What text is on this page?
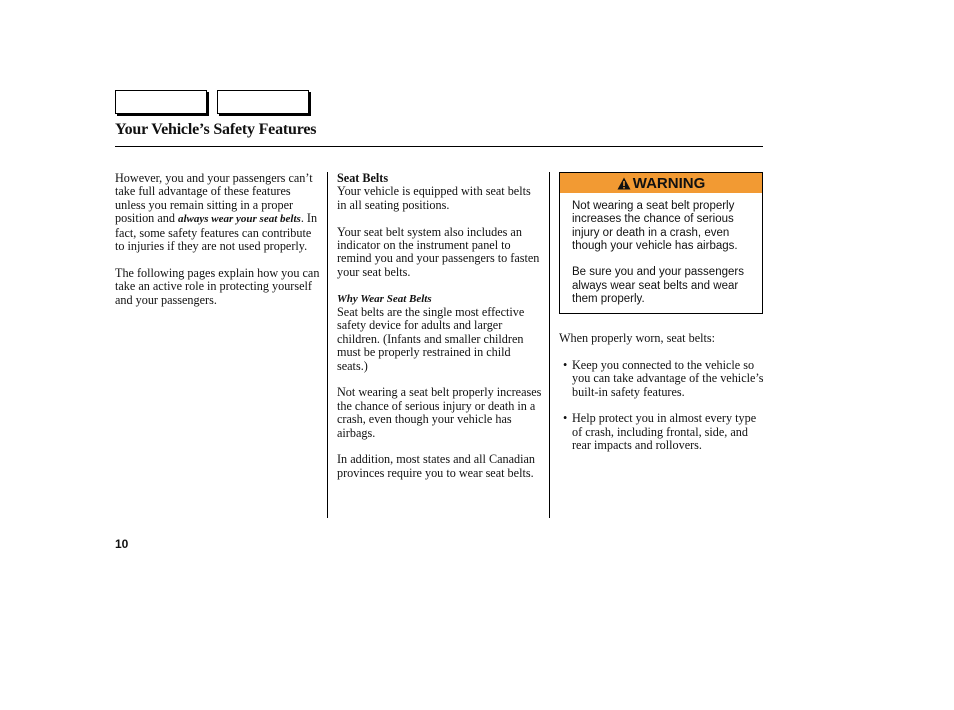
Your Vehicle’s Safety Features

However, you and your passengers can’t take full advantage of these features unless you remain sitting in a proper position and always wear your seat belts. In fact, some safety features can contribute to injuries if they are not used properly.

The following pages explain how you can take an active role in protecting yourself and your passengers.

Seat Belts

Your vehicle is equipped with seat belts in all seating positions.

Your seat belt system also includes an indicator on the instrument panel to remind you and your passengers to fasten your seat belts.

Why Wear Seat Belts

Seat belts are the single most effective safety device for adults and larger children. (Infants and smaller children must be properly restrained in child seats.)

Not wearing a seat belt properly increases the chance of serious injury or death in a crash, even though your vehicle has airbags.

In addition, most states and all Canadian provinces require you to wear seat belts.

WARNING

Not wearing a seat belt properly increases the chance of serious injury or death in a crash, even though your vehicle has airbags.

Be sure you and your passengers always wear seat belts and wear them properly.

When properly worn, seat belts:

• Keep you connected to the vehicle so you can take advantage of the vehicle’s built-in safety features.
• Help protect you in almost every type of crash, including frontal, side, and rear impacts and rollovers.
10
